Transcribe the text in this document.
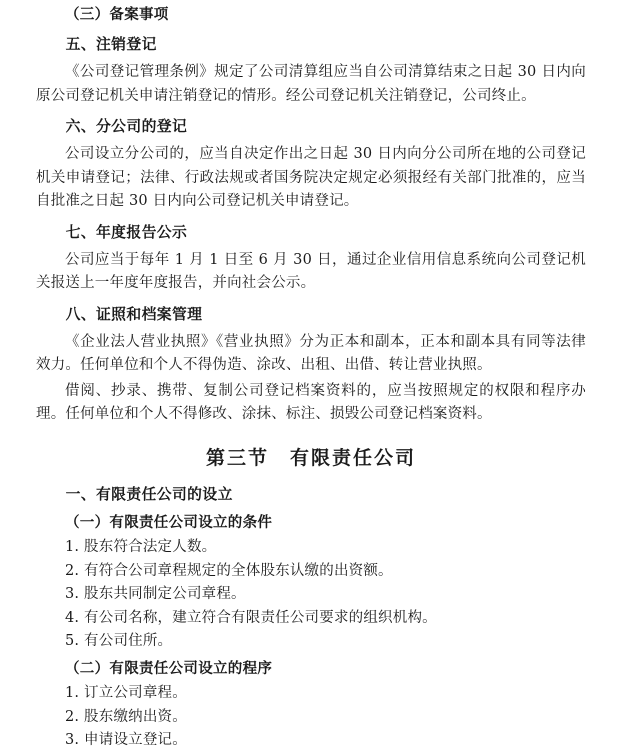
（三）备案事项

五、注销登记

《公司登记管理条例》规定了公司清算组应当自公司清算结束之日起 30 日内向原公司登记机关申请注销登记的情形。经公司登记机关注销登记，公司终止。

六、分公司的登记

公司设立分公司的，应当自决定作出之日起 30 日内向分公司所在地的公司登记机关申请登记；法律、行政法规或者国务院决定规定必须报经有关部门批准的，应当自批准之日起 30 日内向公司登记机关申请登记。

七、年度报告公示

公司应当于每年 1 月 1 日至 6 月 30 日，通过企业信用信息系统向公司登记机关报送上一年度年度报告，并向社会公示。

八、证照和档案管理

《企业法人营业执照》《营业执照》分为正本和副本，正本和副本具有同等法律效力。任何单位和个人不得伪造、涂改、出租、出借、转让营业执照。

借阅、抄录、携带、复制公司登记档案资料的，应当按照规定的权限和程序办理。任何单位和个人不得修改、涂抹、标注、损毁公司登记档案资料。

第三节　有限责任公司

一、有限责任公司的设立

（一）有限责任公司设立的条件

1. 股东符合法定人数。

2. 有符合公司章程规定的全体股东认缴的出资额。

3. 股东共同制定公司章程。

4. 有公司名称，建立符合有限责任公司要求的组织机构。

5. 有公司住所。

（二）有限责任公司设立的程序

1. 订立公司章程。

2. 股东缴纳出资。

3. 申请设立登记。
